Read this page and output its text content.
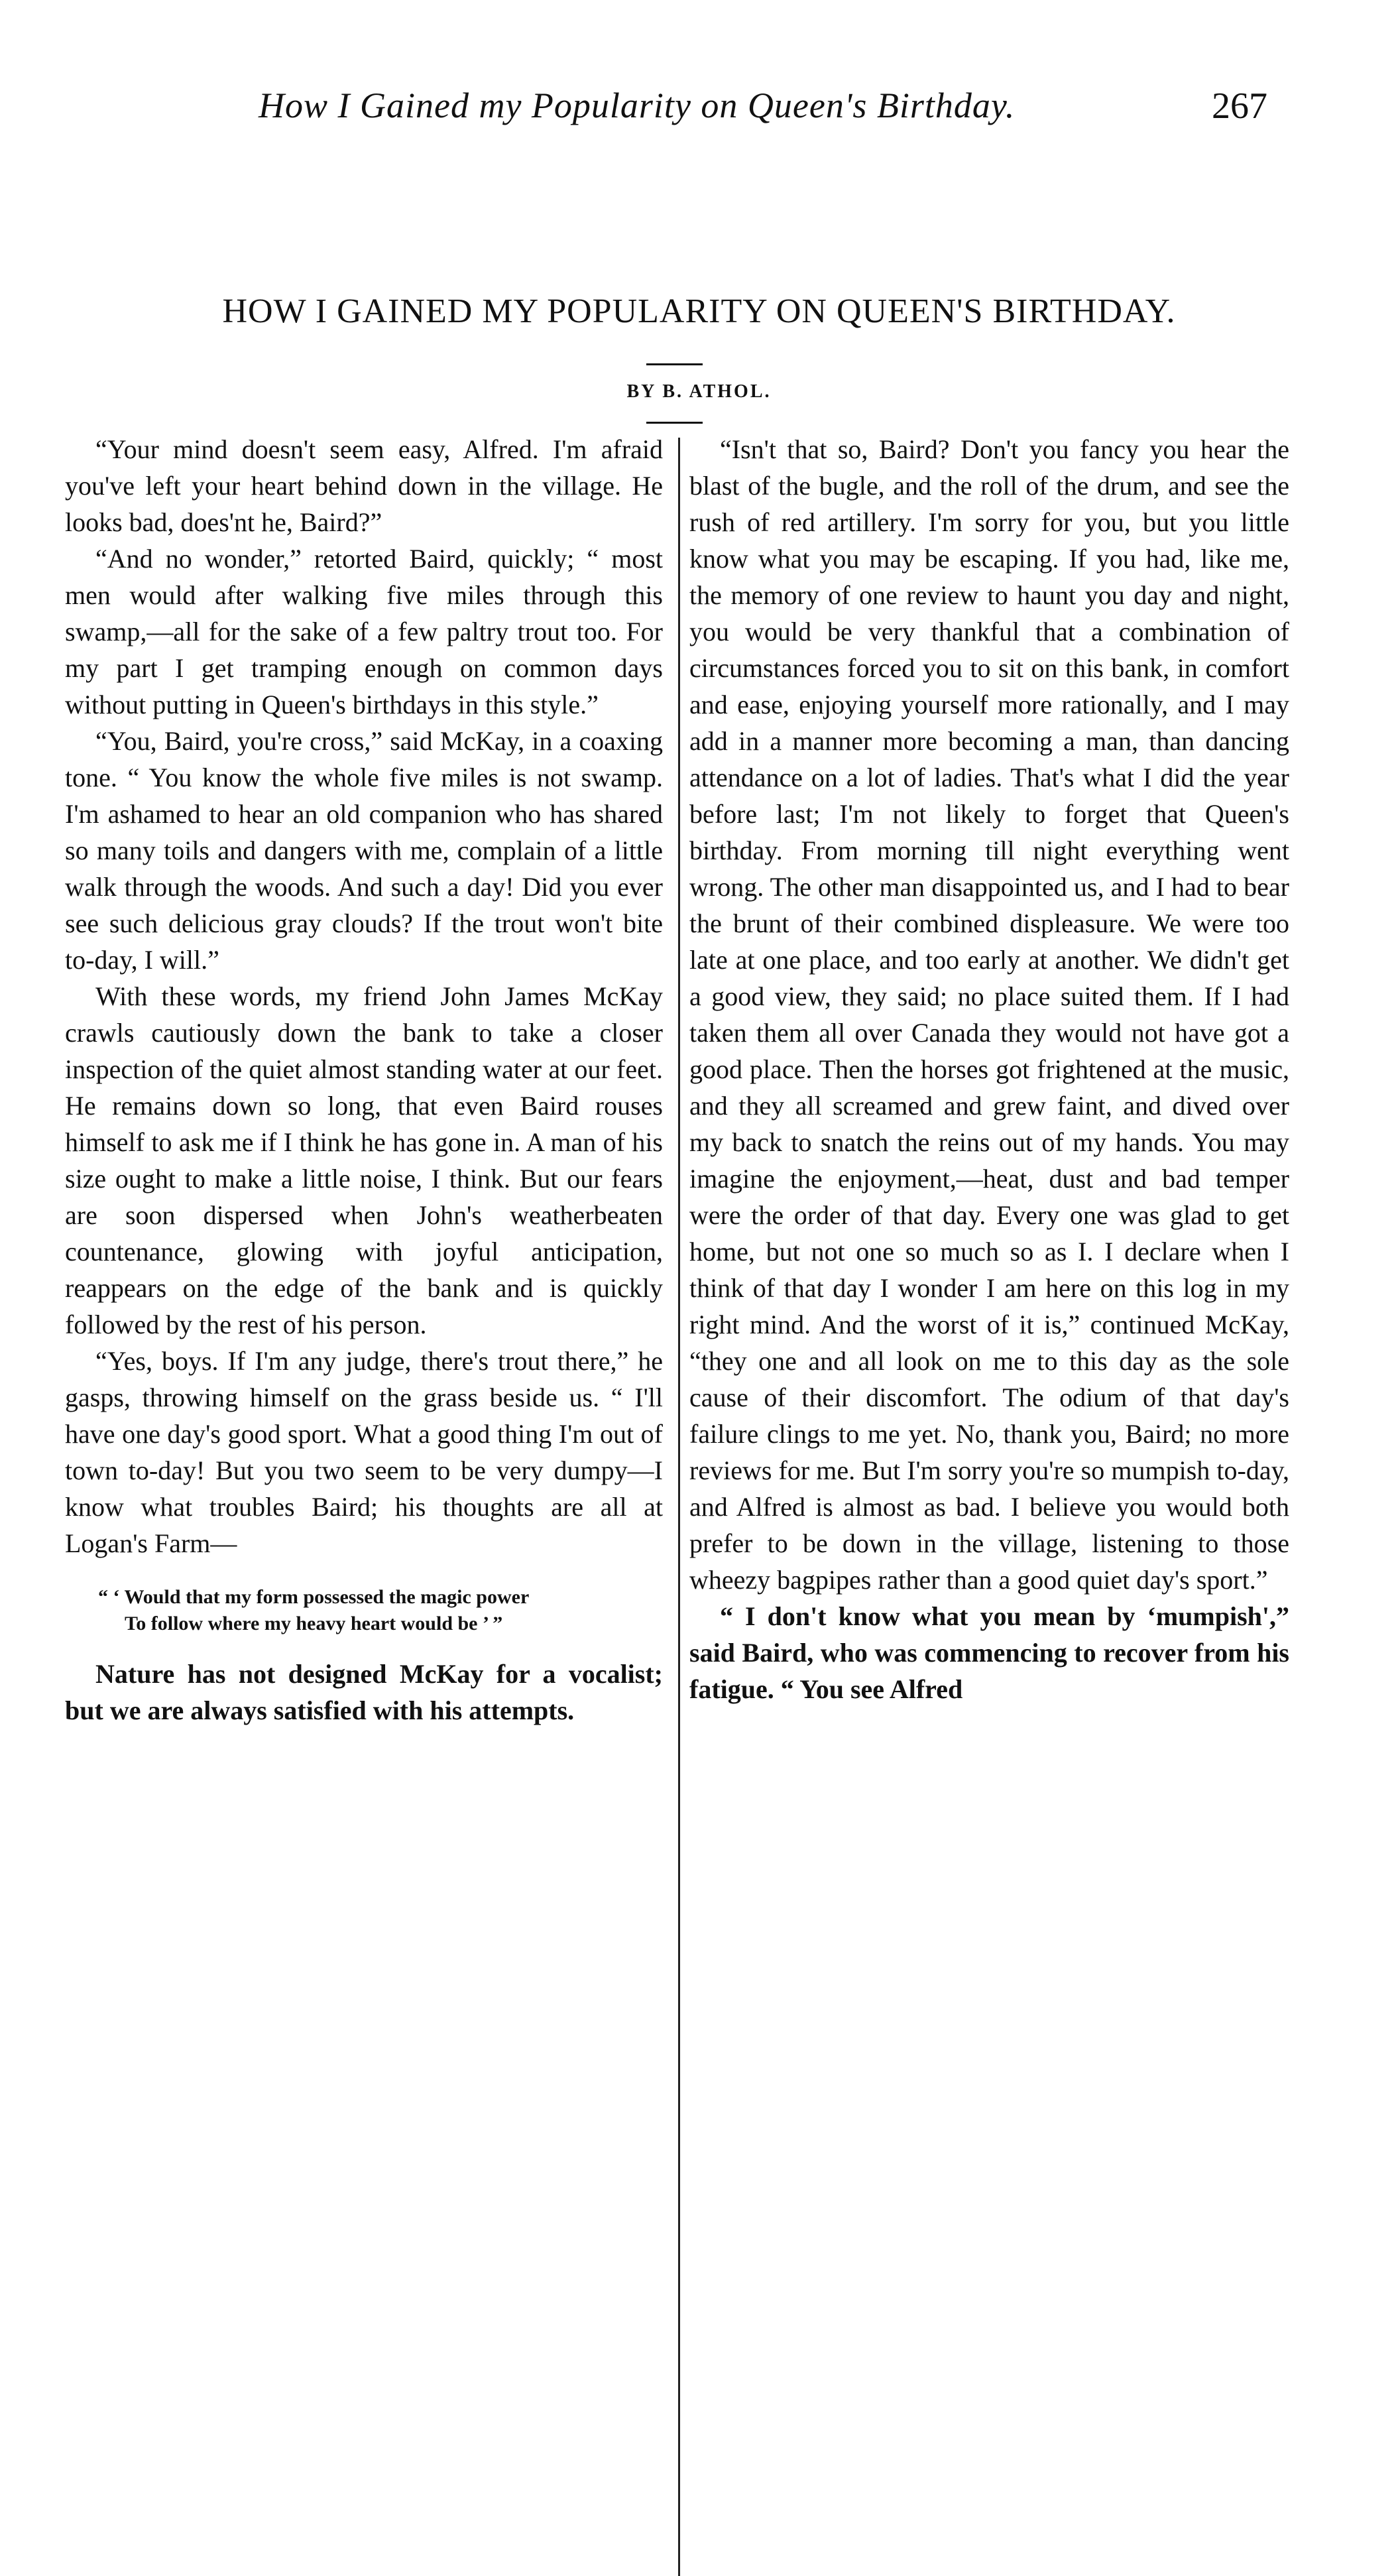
How I Gained my Popularity on Queen's Birthday.	267
HOW I GAINED MY POPULARITY ON QUEEN'S BIRTHDAY.
BY B. ATHOL.

“Your mind doesn't seem easy, Alfred. I'm afraid you've left your heart behind down in the village. He looks bad, does'nt he, Baird?”

“And no wonder,” retorted Baird, quickly; “ most men would after walking five miles through this swamp,—all for the sake of a few paltry trout too. For my part I get tramping enough on common days without putting in Queen's birthdays in this style.”

“You, Baird, you're cross,” said McKay, in a coaxing tone. “ You know the whole five miles is not swamp. I'm ashamed to hear an old companion who has shared so many toils and dangers with me, complain of a little walk through the woods. And such a day! Did you ever see such delicious gray clouds? If the trout won't bite to-day, I will.”

With these words, my friend John James McKay crawls cautiously down the bank to take a closer inspection of the quiet almost standing water at our feet. He remains down so long, that even Baird rouses himself to ask me if I think he has gone in. A man of his size ought to make a little noise, I think. But our fears are soon dispersed when John's weatherbeaten countenance, glowing with joyful anticipation, reappears on the edge of the bank and is quickly followed by the rest of his person.

“Yes, boys. If I'm any judge, there's trout there,” he gasps, throwing himself on the grass beside us. “ I'll have one day's good sport. What a good thing I'm out of town to-day! But you two seem to be very dumpy—I know what troubles Baird; his thoughts are all at Logan's Farm—

“ ‘ Would that my form possessed the magic power
To follow where my heavy heart would be ’ ”

Nature has not designed McKay for a vocalist; but we are always satisfied with his attempts.

“Isn't that so, Baird? Don't you fancy you hear the blast of the bugle, and the roll of the drum, and see the rush of red artillery. I'm sorry for you, but you little know what you may be escaping. If you had, like me, the memory of one review to haunt you day and night, you would be very thankful that a combination of circumstances forced you to sit on this bank, in comfort and ease, enjoying yourself more rationally, and I may add in a manner more becoming a man, than dancing attendance on a lot of ladies. That's what I did the year before last; I'm not likely to forget that Queen's birthday. From morning till night everything went wrong. The other man disappointed us, and I had to bear the brunt of their combined displeasure. We were too late at one place, and too early at another. We didn't get a good view, they said; no place suited them. If I had taken them all over Canada they would not have got a good place. Then the horses got frightened at the music, and they all screamed and grew faint, and dived over my back to snatch the reins out of my hands. You may imagine the enjoyment,—heat, dust and bad temper were the order of that day. Every one was glad to get home, but not one so much so as I. I declare when I think of that day I wonder I am here on this log in my right mind. And the worst of it is,” continued McKay, “they one and all look on me to this day as the sole cause of their discomfort. The odium of that day's failure clings to me yet. No, thank you, Baird; no more reviews for me. But I'm sorry you're so mumpish to-day, and Alfred is almost as bad. I believe you would both prefer to be down in the village, listening to those wheezy bagpipes rather than a good quiet day's sport.”

“ I don't know what you mean by ‘mumpish',” said Baird, who was commencing to recover from his fatigue. “ You see Alfred
